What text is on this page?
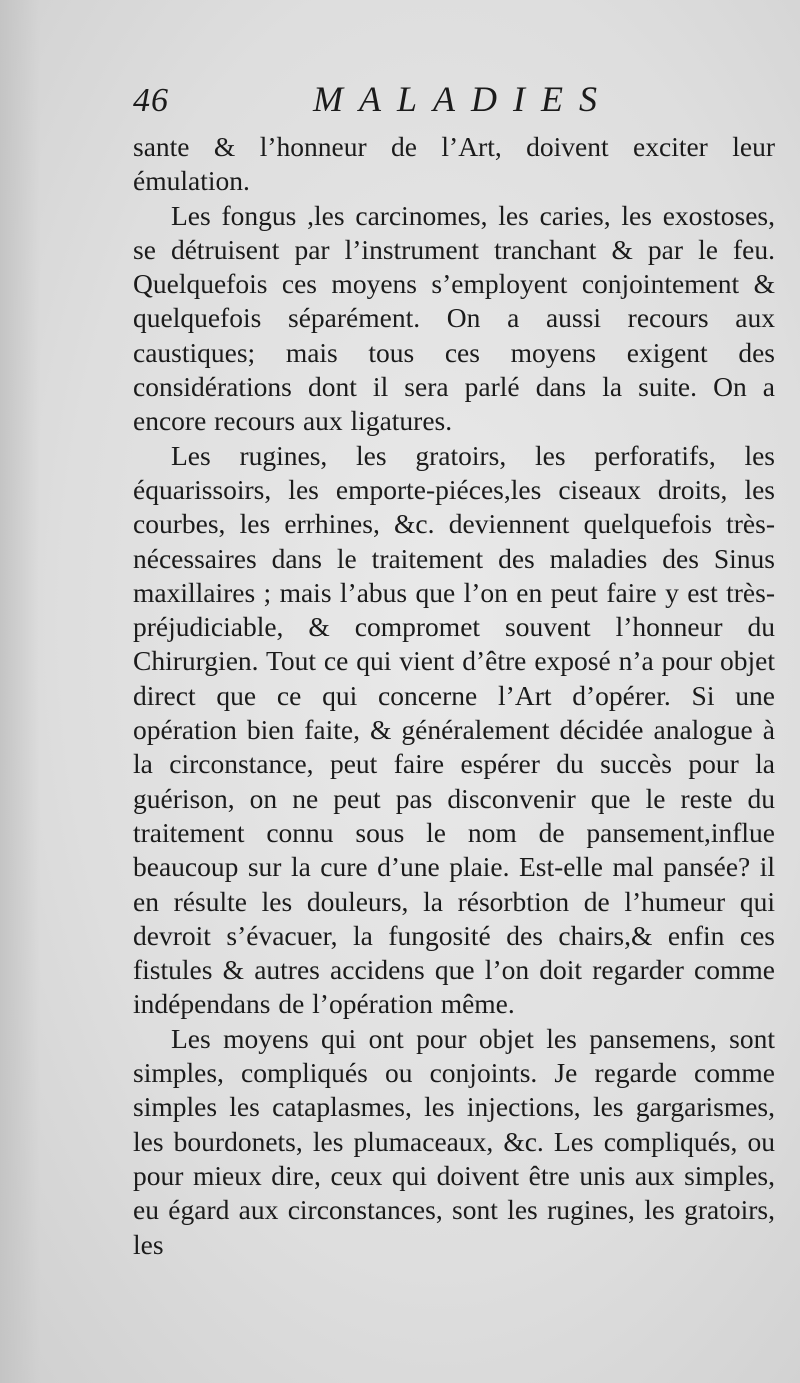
46	MALADIES

sante & l’honneur de l’Art, doivent exciter leur émulation.

Les fongus ,les carcinomes, les caries, les exostoses, se détruisent par l’instrument tranchant & par le feu. Quelquefois ces moyens s’employent conjointement & quelquefois séparément. On a aussi recours aux caustiques; mais tous ces moyens exigent des considérations dont il sera parlé dans la suite. On a encore recours aux ligatures.

Les rugines, les gratoirs, les perforatifs, les équarissoirs, les emporte-piéces,les ciseaux droits, les courbes, les errhines, &c. deviennent quelquefois très-nécessaires dans le traitement des maladies des Sinus maxillaires ; mais l’abus que l’on en peut faire y est très-préjudiciable, & compromet souvent l’honneur du Chirurgien. Tout ce qui vient d’être exposé n’a pour objet direct que ce qui concerne l’Art d’opérer. Si une opération bien faite, & généralement décidée analogue à la circonstance, peut faire espérer du succès pour la guérison, on ne peut pas disconvenir que le reste du traitement connu sous le nom de pansement,influe beaucoup sur la cure d’une plaie. Est-elle mal pansée? il en résulte les douleurs, la résorbtion de l’humeur qui devroit s’évacuer, la fungosité des chairs,& enfin ces fistules & autres accidens que l’on doit regarder comme indépendans de l’opération même.

Les moyens qui ont pour objet les pansemens, sont simples, compliqués ou conjoints. Je regarde comme simples les cataplasmes, les injections, les gargarismes, les bourdonets, les plumaceaux, &c. Les compliqués, ou pour mieux dire, ceux qui doivent être unis aux simples, eu égard aux circonstances, sont les rugines, les gratoirs, les
